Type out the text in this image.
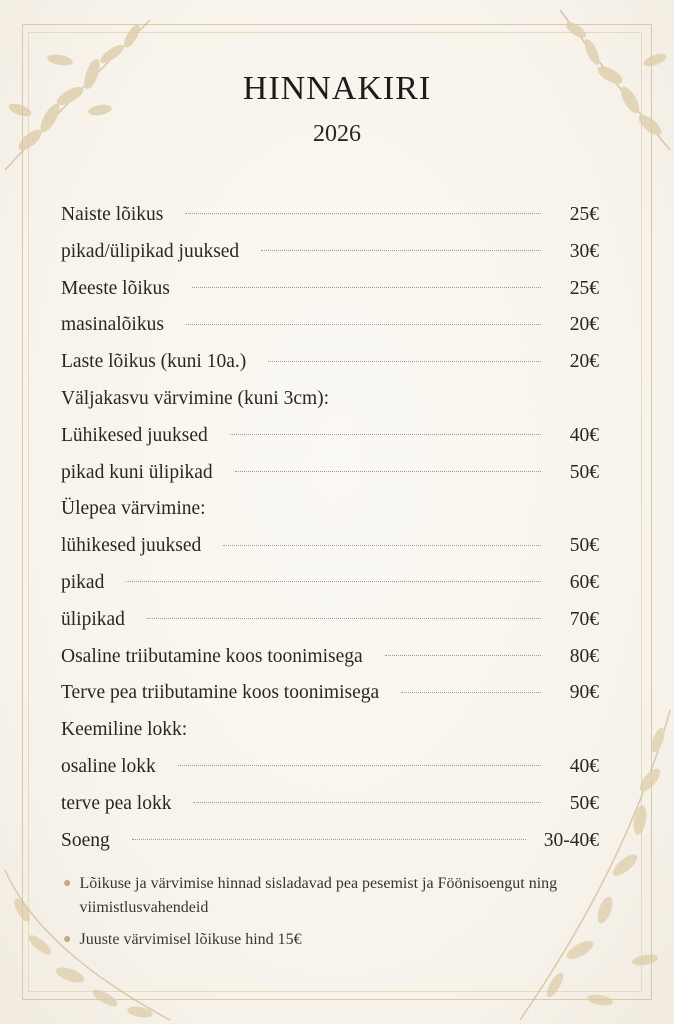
HINNAKIRI
2026
Naiste lõikus	25€
pikad/ülipikad juuksed	30€
Meeste lõikus	25€
masinalõikus	20€
Laste lõikus (kuni 10a.)	20€
Väljakasvu värvimine (kuni 3cm):
Lühikesed juuksed	40€
pikad kuni ülipikad	50€
Ülepea värvimine:
lühikesed juuksed	50€
pikad	60€
ülipikad	70€
Osaline triibutamine koos toonimisega	80€
Terve pea triibutamine koos toonimisega	90€
Keemiline lokk:
osaline lokk	40€
terve pea lokk	50€
Soeng	30-40€
● Lõikuse ja värvimise hinnad sisladavad pea pesemist ja Föönisoengut ning viimistlusvahendeid
● Juuste värvimisel lõikuse hind 15€
